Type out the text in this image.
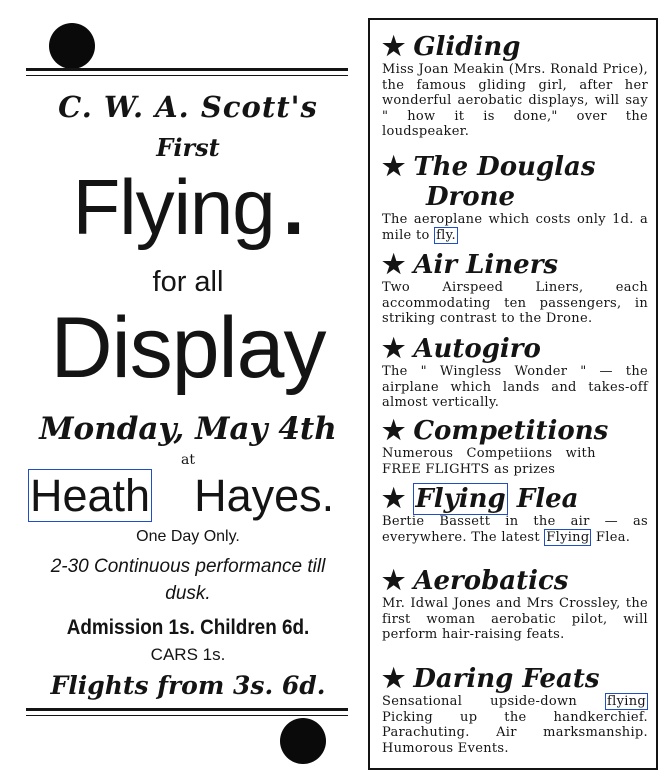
C. W. A. Scott's
First
Flying .
for all
Display
Monday, May 4th
at
Heath Hayes.
One Day Only.
2-30 Continuous performance till
dusk.
Admission 1s. Children 6d.
CARS 1s.
Flights from 3s. 6d.
★ Gliding
Miss Joan Meakin (Mrs. Ronald Price), the famous gliding girl, after her wonderful aerobatic displays, will say " how it is done," over the loudspeaker.
★ The Douglas
Drone
The aeroplane which costs only 1d. a mile to fly.
★ Air Liners
Two Airspeed Liners, each accommodating ten passengers, in striking contrast to the Drone.
★ Autogiro
The " Wingless Wonder " — the airplane which lands and takes-off almost vertically.
★ Competitions
Numerous   Competiions   with
FREE FLIGHTS as prizes
★ Flying Flea
Bertie Bassett in the air — as everywhere. The latest Flying Flea.
★ Aerobatics
Mr. Idwal Jones and Mrs Crossley, the first woman aerobatic pilot, will perform hair-raising feats.
★ Daring Feats
Sensational upside-down flying Picking up the handkerchief. Parachuting. Air marksmanship. Humorous Events.
